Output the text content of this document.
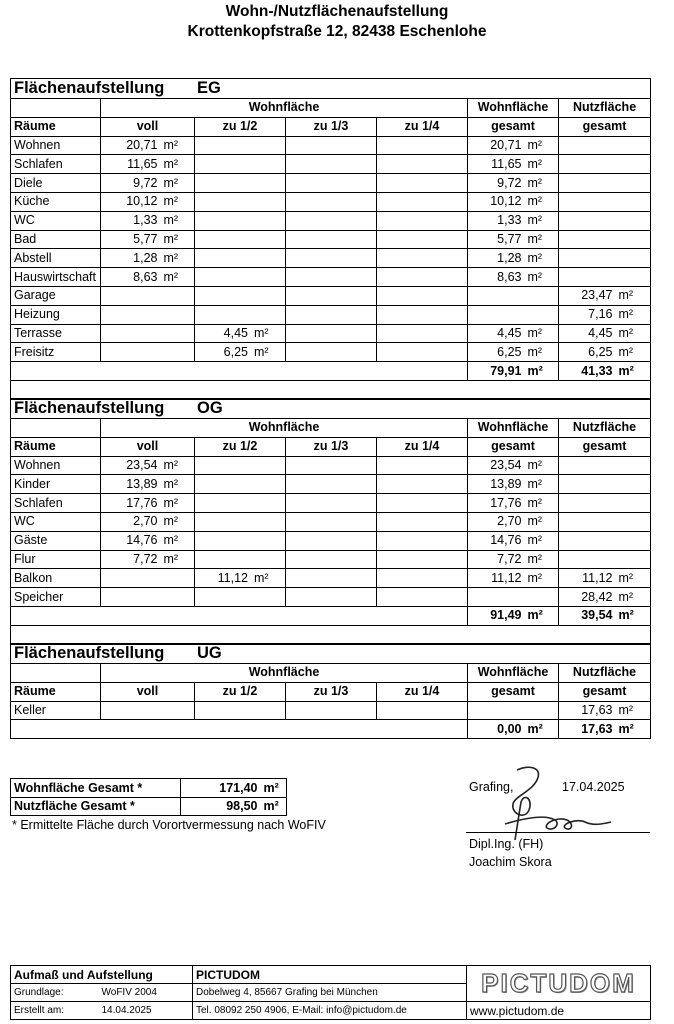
Wohn-/Nutzflächenaufstellung
Krottenkopfstraße 12, 82438 Eschenlohe
Flächenaufstellung EG									
	Wohnfläche					Wohnfläche		Nutzfläche	
Räume	voll		zu 1/2	zu 1/3	zu 1/4	gesamt		gesamt	
Wohnen	20,71	m²				20,71	m²		
Schlafen	11,65	m²				11,65	m²		
Diele	9,72	m²				9,72	m²		
Küche	10,12	m²				10,12	m²		
WC	1,33	m²				1,33	m²		
Bad	5,77	m²				5,77	m²		
Abstell	1,28	m²				1,28	m²		
Hauswirtschaft	8,63	m²				8,63	m²		
Garage								23,47	m²
Heizung								7,16	m²
Terrasse			4,45 m²			4,45	m²	4,45	m²
Freisitz			6,25 m²			6,25	m²	6,25	m²
						79,91	m²	41,33	m²

Flächenaufstellung OG									
	Wohnfläche					Wohnfläche		Nutzfläche	
Räume	voll		zu 1/2	zu 1/3	zu 1/4	gesamt		gesamt	
Wohnen	23,54	m²				23,54	m²		
Kinder	13,89	m²				13,89	m²		
Schlafen	17,76	m²				17,76	m²		
WC	2,70	m²				2,70	m²		
Gäste	14,76	m²				14,76	m²		
Flur	7,72	m²				7,72	m²		
Balkon			11,12 m²			11,12	m²	11,12	m²
Speicher								28,42	m²
						91,49	m²	39,54	m²

Flächenaufstellung UG									
	Wohnfläche					Wohnfläche		Nutzfläche	
Räume	voll		zu 1/2	zu 1/3	zu 1/4	gesamt		gesamt	
Keller								17,63	m²
						0,00	m²	17,63	m²
Wohnfläche Gesamt *	171,40	m²
Nutzfläche Gesamt *	98,50	m²
* Ermittelte Fläche durch Vorortvermessung nach WoFIV
Grafing,	17.04.2025
Dipl.Ing. (FH)
Joachim Skora
Aufmaß und Aufstellung		PICTUDOM	PICTUDOM
Grundlage:	WoFIV 2004	Dobelweg 4, 85667 Grafing bei München	
Erstellt am:	14.04.2025	Tel. 08092 250 4906, E-Mail: info@pictudom.de	www.pictudom.de
